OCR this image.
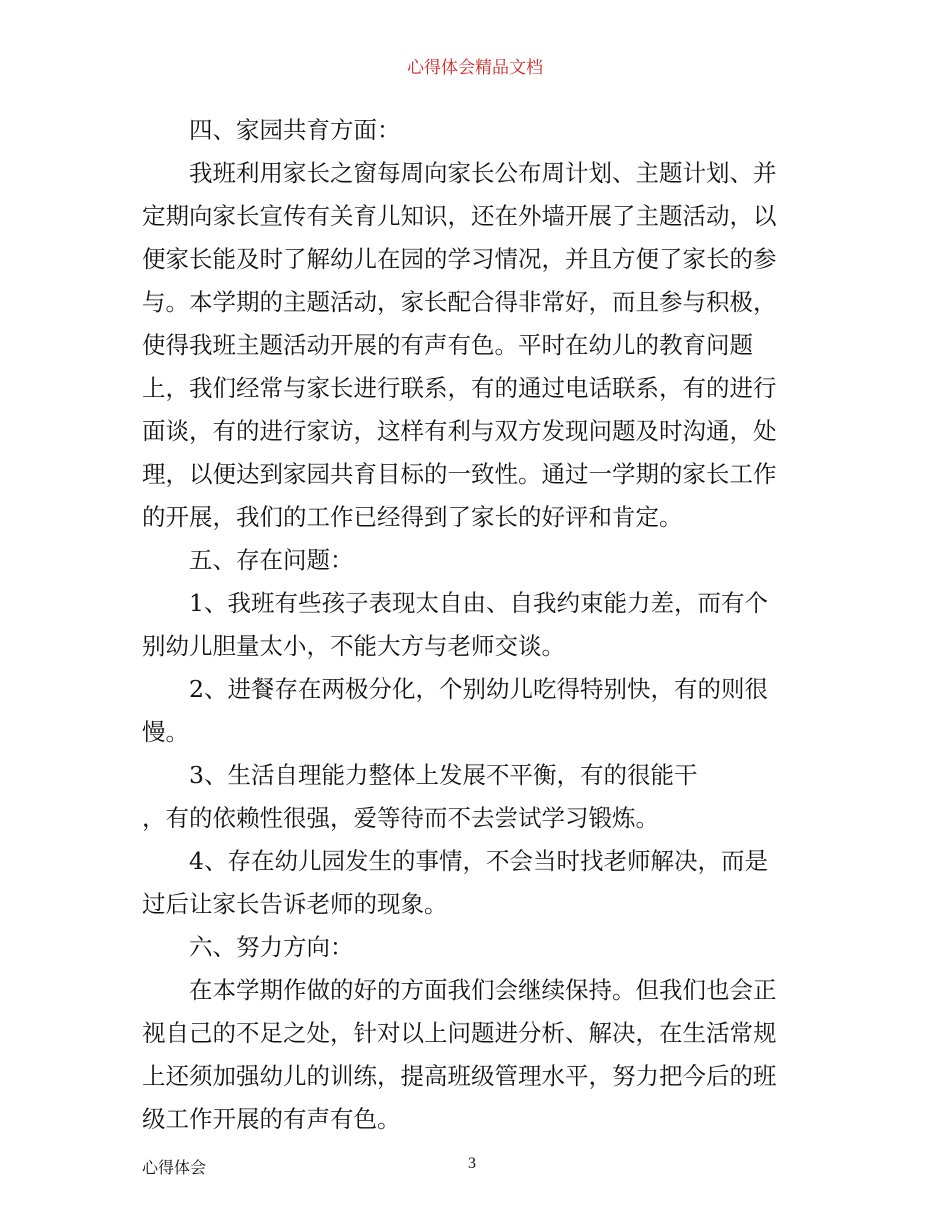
心得体会精品文档
四、家园共育方面：
我班利用家长之窗每周向家长公布周计划、主题计划、并
定期向家长宣传有关育儿知识，还在外墙开展了主题活动，以
便家长能及时了解幼儿在园的学习情况，并且方便了家长的参
与。本学期的主题活动，家长配合得非常好，而且参与积极，
使得我班主题活动开展的有声有色。平时在幼儿的教育问题
上，我们经常与家长进行联系，有的通过电话联系，有的进行
面谈，有的进行家访，这样有利与双方发现问题及时沟通，处
理，以便达到家园共育目标的一致性。通过一学期的家长工作
的开展，我们的工作已经得到了家长的好评和肯定。
五、存在问题：
1、我班有些孩子表现太自由、自我约束能力差，而有个
别幼儿胆量太小，不能大方与老师交谈。
2、进餐存在两极分化，个别幼儿吃得特别快，有的则很
慢。
3、生活自理能力整体上发展不平衡，有的很能干
，有的依赖性很强，爱等待而不去尝试学习锻炼。
4、存在幼儿园发生的事情，不会当时找老师解决，而是
过后让家长告诉老师的现象。
六、努力方向：
在本学期作做的好的方面我们会继续保持。但我们也会正
视自己的不足之处，针对以上问题进分析、解决，在生活常规
上还须加强幼儿的训练，提高班级管理水平，努力把今后的班
级工作开展的有声有色。
心得体会	3
